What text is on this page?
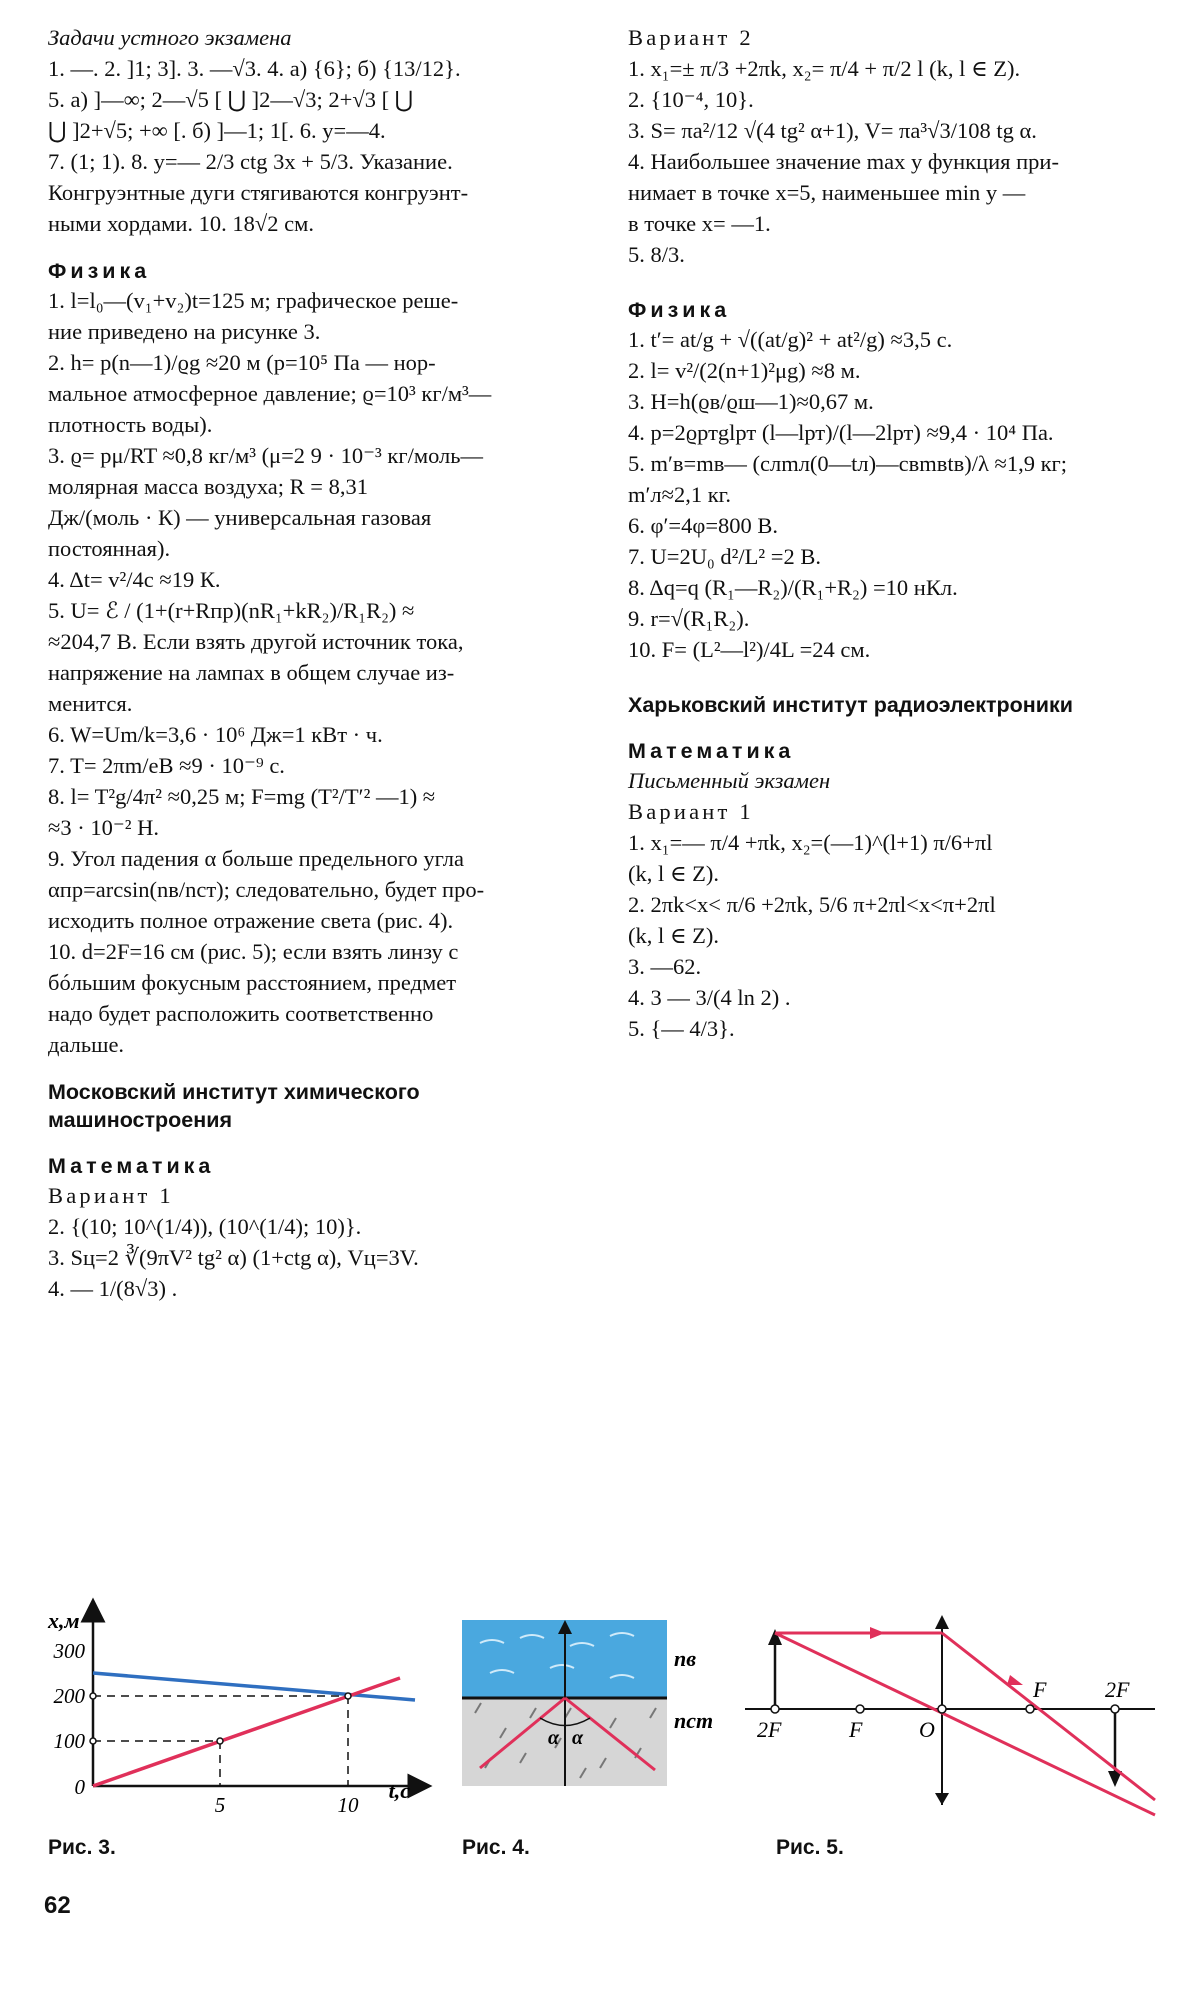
Задачи устного экзамена
1. —. 2. ]1; 3]. 3. —√3. 4. а) {6}; б) {13/12}.
5. а) ]—∞; 2—√5 [ ⋃ ]2—√3; 2+√3 [ ⋃
⋃ ]2+√5; +∞ [. б) ]—1; 1[. 6. y=—4.
7. (1; 1). 8. y=— 2/3 ctg 3x + 5/3. Указание.
Конгруэнтные дуги стягиваются конгруэнт-
ными хордами. 10. 18√2 см.
Физика
1. l=l₀—(v₁+v₂)t=125 м; графическое реше-
ние приведено на рисунке 3.
2. h= p(n—1)/ϱg ≈20 м (p=10⁵ Па — нор-
мальное атмосферное давление; ϱ=10³ кг/м³—
плотность воды).
3. ϱ= pμ/RT ≈0,8 кг/м³ (μ=2 9 · 10⁻³ кг/моль—
молярная масса воздуха; R = 8,31
Дж/(моль · К) — универсальная газовая
постоянная).
4. Δt= v²/4c ≈19 К.
5. U= ℰ / (1+(r+Rпр)(nR₁+kR₂)/R₁R₂) ≈
≈204,7 В. Если взять другой источник тока,
напряжение на лампах в общем случае из-
менится.
6. W=Um/k=3,6 · 10⁶ Дж=1 кВт · ч.
7. T= 2πm/eB ≈9 · 10⁻⁹ с.
8. l= T²g/4π² ≈0,25 м; F=mg (T²/T′² —1) ≈
≈3 · 10⁻² Н.
9. Угол падения α больше предельного угла
αпр=arcsin(nв/nст); следовательно, будет про-
исходить полное отражение света (рис. 4).
10. d=2F=16 см (рис. 5); если взять линзу с
бóльшим фокусным расстоянием, предмет
надо будет расположить соответственно
дальше.
Московский институт химического машиностроения
Математика
Вариант 1
2. {(10; 10^(1/4)), (10^(1/4); 10)}.
3. Sц=2 ∛(9πV² tg² α) (1+ctg α), Vц=3V.
4. — 1/(8√3) .
Вариант 2
1. x₁=± π/3 +2πk, x₂= π/4 + π/2 l (k, l ∈ Z).
2. {10⁻⁴, 10}.
3. S= πa²/12 √(4 tg² α+1), V= πa³√3/108 tg α.
4. Наибольшее значение max y функция при-
нимает в точке x=5, наименьшее min y —
в точке x= —1.
5. 8/3.
Физика
1. t′= at/g + √((at/g)² + at²/g) ≈3,5 с.
2. l= v²/(2(n+1)²μg) ≈8 м.
3. H=h(ϱв/ϱш—1)≈0,67 м.
4. p=2ϱртglрт (l—lрт)/(l—2lрт) ≈9,4 · 10⁴ Па.
5. m′в=mв— (cлmл(0—tл)—cвmвtв)/λ ≈1,9 кг;
m′л≈2,1 кг.
6. φ′=4φ=800 В.
7. U=2U₀ d²/L² =2 В.
8. Δq=q (R₁—R₂)/(R₁+R₂) =10 нКл.
9. r=√(R₁R₂).
10. F= (L²—l²)/4L =24 см.
Харьковский институт радиоэлектроники
Математика
Письменный экзамен
Вариант 1
1. x₁=— π/4 +πk, x₂=(—1)^(l+1) π/6+πl
(k, l ∈ Z).
2. 2πk<x< π/6 +2πk, 5/6 π+2πl<x<π+2πl
(k, l ∈ Z).
3. —62.
4. 3 — 3/(4 ln 2) .
5. {— 4/3}.
x,м
t,c
0
100
200
300
5	10
Рис. 3.
α α
nв
nст
Рис. 4.
2F	F	O
F	2F
Рис. 5.
62
